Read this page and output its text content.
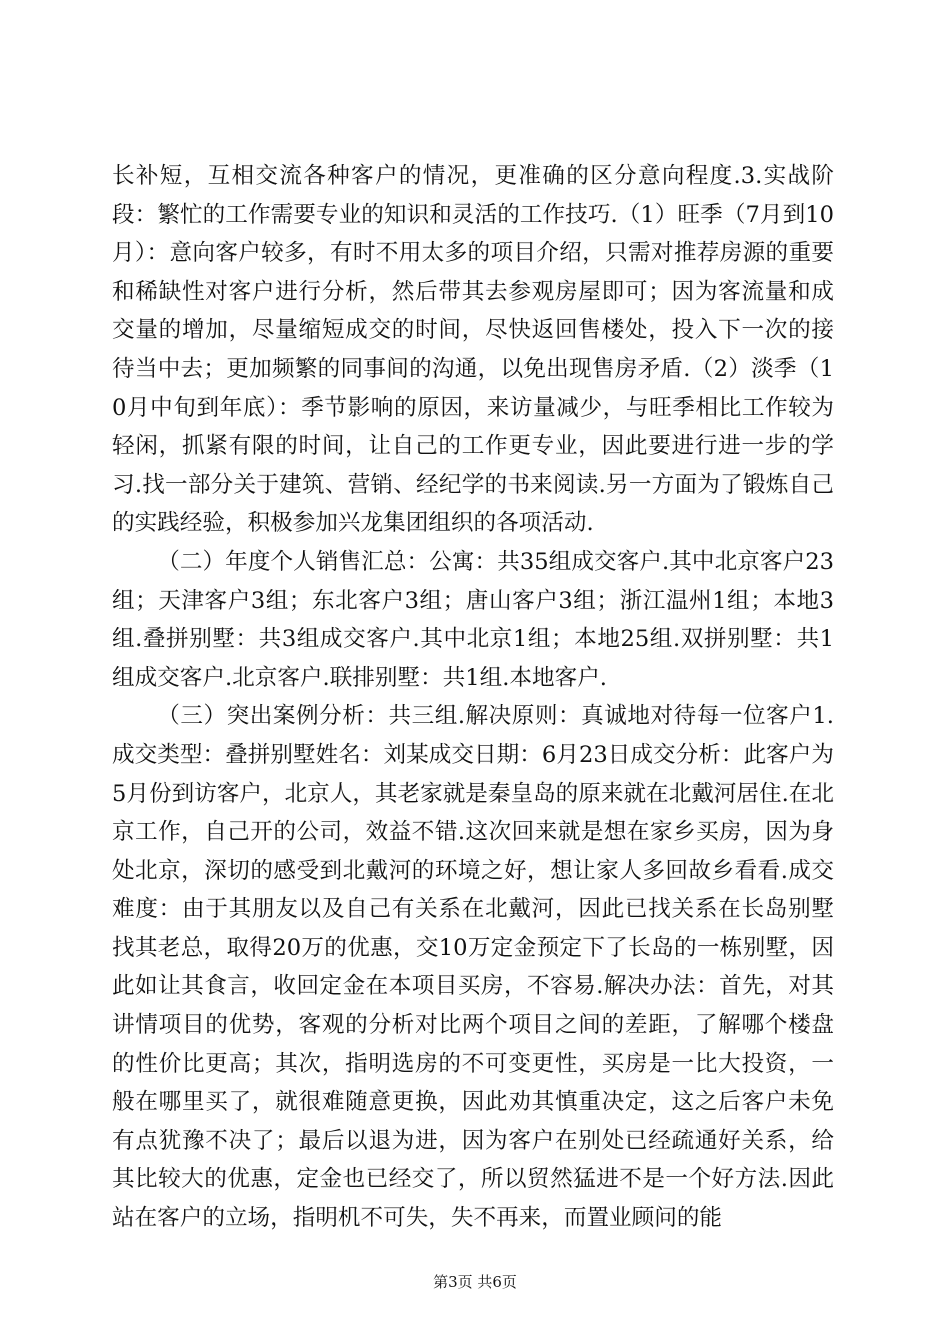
长补短，互相交流各种客户的情况，更准确的区分意向程度.3.实战阶段：繁忙的工作需要专业的知识和灵活的工作技巧.（1）旺季（7月到10月）：意向客户较多，有时不用太多的项目介绍，只需对推荐房源的重要和稀缺性对客户进行分析，然后带其去参观房屋即可；因为客流量和成交量的增加，尽量缩短成交的时间，尽快返回售楼处，投入下一次的接待当中去；更加频繁的同事间的沟通，以免出现售房矛盾.（2）淡季（10月中旬到年底）：季节影响的原因，来访量减少，与旺季相比工作较为轻闲，抓紧有限的时间，让自己的工作更专业，因此要进行进一步的学习.找一部分关于建筑、营销、经纪学的书来阅读.另一方面为了锻炼自己的实践经验，积极参加兴龙集团组织的各项活动.

（二）年度个人销售汇总：公寓：共35组成交客户.其中北京客户23组；天津客户3组；东北客户3组；唐山客户3组；浙江温州1组；本地3组.叠拼别墅：共3组成交客户.其中北京1组；本地25组.双拼别墅：共1组成交客户.北京客户.联排别墅：共1组.本地客户.

（三）突出案例分析：共三组.解决原则：真诚地对待每一位客户1.成交类型：叠拼别墅姓名：刘某成交日期：6月23日成交分析：此客户为5月份到访客户，北京人，其老家就是秦皇岛的原来就在北戴河居住.在北京工作，自己开的公司，效益不错.这次回来就是想在家乡买房，因为身处北京，深切的感受到北戴河的环境之好，想让家人多回故乡看看.成交难度：由于其朋友以及自己有关系在北戴河，因此已找关系在长岛别墅找其老总，取得20万的优惠，交10万定金预定下了长岛的一栋别墅，因此如让其食言，收回定金在本项目买房，不容易.解决办法：首先，对其讲情项目的优势，客观的分析对比两个项目之间的差距，了解哪个楼盘的性价比更高；其次，指明选房的不可变更性，买房是一比大投资，一般在哪里买了，就很难随意更换，因此劝其慎重决定，这之后客户未免有点犹豫不决了；最后以退为进，因为客户在别处已经疏通好关系，给其比较大的优惠，定金也已经交了，所以贸然猛进不是一个好方法.因此站在客户的立场，指明机不可失，失不再来，而置业顾问的能

第3页 共6页
